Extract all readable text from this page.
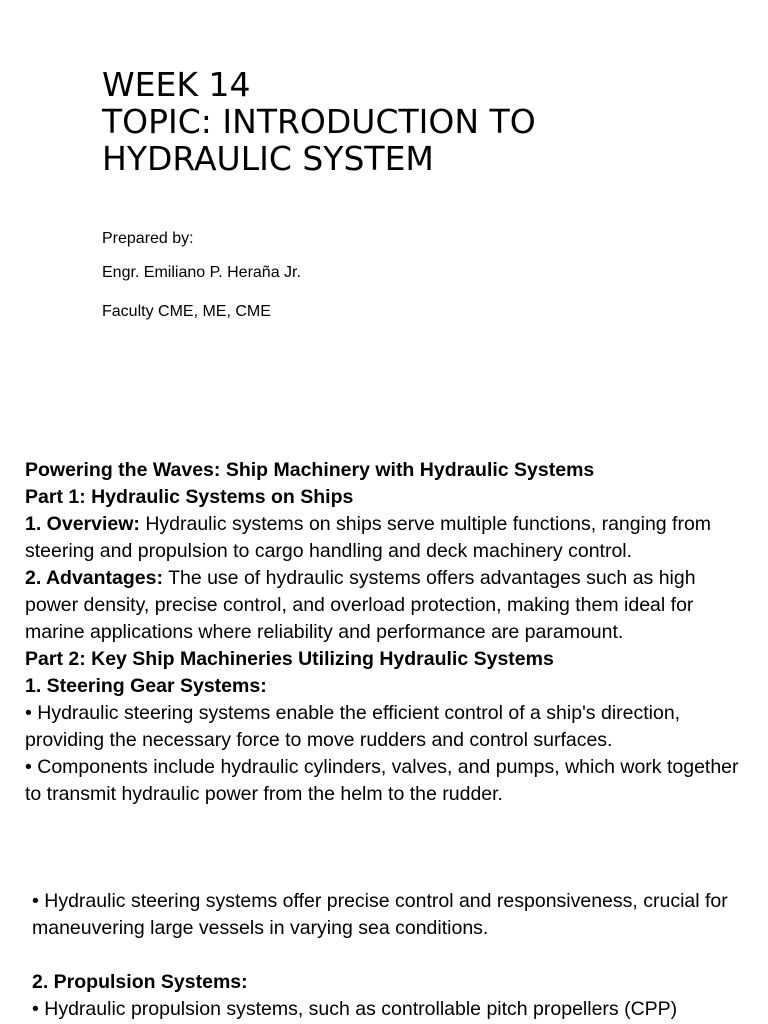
WEEK 14
TOPIC: INTRODUCTION TO
HYDRAULIC SYSTEM
Prepared by:
Engr. Emiliano P. Heraña Jr.
Faculty CME, ME, CME

Powering the Waves: Ship Machinery with Hydraulic Systems

Part 1: Hydraulic Systems on Ships

1. Overview: Hydraulic systems on ships serve multiple functions, ranging from steering and propulsion to cargo handling and deck machinery control.

2. Advantages: The use of hydraulic systems offers advantages such as high power density, precise control, and overload protection, making them ideal for marine applications where reliability and performance are paramount.

Part 2: Key Ship Machineries Utilizing Hydraulic Systems

1. Steering Gear Systems:

• Hydraulic steering systems enable the efficient control of a ship's direction, providing the necessary force to move rudders and control surfaces.

• Components include hydraulic cylinders, valves, and pumps, which work together to transmit hydraulic power from the helm to the rudder.

• Hydraulic steering systems offer precise control and responsiveness, crucial for maneuvering large vessels in varying sea conditions.

2. Propulsion Systems:

• Hydraulic propulsion systems, such as controllable pitch propellers (CPP)
